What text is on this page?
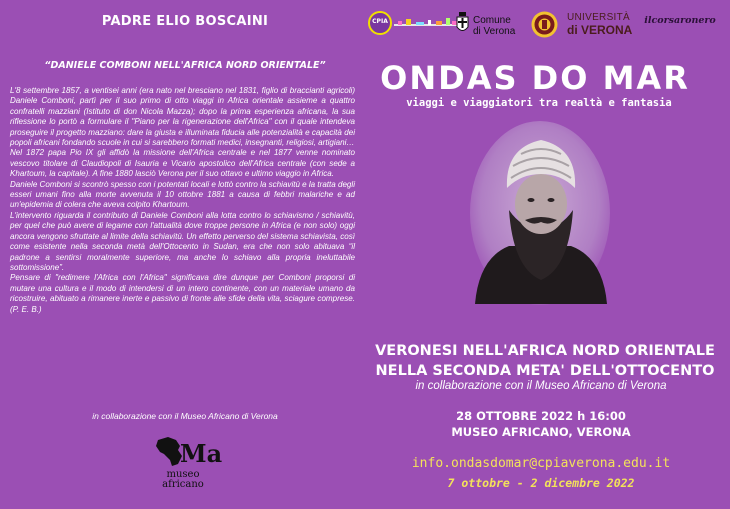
PADRE ELIO BOSCAINI
“DANIELE COMBONI NELL'AFRICA NORD ORIENTALE”

L'8 settembre 1857, a ventisei anni (era nato nel bresciano nel 1831, figlio di braccianti agricoli) Daniele Comboni, partì per il suo primo di otto viaggi in Africa orientale assieme a quattro confratelli mazziani (Istituto di don Nicola Mazza); dopo la prima esperienza africana, la sua riflessione lo portò a formulare il "Piano per la rigenerazione dell'Africa" con il quale intendeva proseguire il progetto mazziano: dare la giusta e illuminata fiducia alle potenzialità e capacità dei popoli africani fondando scuole in cui si sarebbero formati medici, insegnanti, religiosi, artigiani…

Nel 1872 papa Pio IX gli affidò la missione dell'Africa centrale e nel 1877 venne nominato vescovo titolare di Claudiopoli di Isauria e Vicario apostolico dell'Africa centrale (con sede a Khartoum, la capitale). A fine 1880 lasciò Verona per il suo ottavo e ultimo viaggio in Africa.

Daniele Comboni si scontrò spesso con i potentati locali e lottò contro la schiavitù e la tratta degli esseri umani fino alla morte avvenuta il 10 ottobre 1881 a causa di febbri malariche e ad un'epidemia di colera che aveva colpito Khartoum.

L'intervento riguarda il contributo di Daniele Comboni alla lotta contro lo schiavismo / schiavitù, per quel che può avere di legame con l'attualità dove troppe persone in Africa (e non solo) oggi ancora vengono sfruttate al limite della schiavitù. Un effetto perverso del sistema schiavista, così come esistente nella seconda metà dell'Ottocento in Sudan, era che non solo abituava “il padrone a sentirsi moralmente superiore, ma anche lo schiavo alla propria ineluttabile sottomissione”.

Pensare di "redimere l'Africa con l'Africa" significava dire dunque per Comboni proporsi di mutare una cultura e il modo di intendersi di un intero continente, con un materiale umano da ricostruire, abituato a rimanere inerte e passivo di fronte alle sfide della vita, sciagure comprese. (P. E. B.)

in collaborazione con il Museo Africano di Verona
Ma
museo
africano
CPIA	Comune
di Verona
UNIVERSITÀ
di VERONA
ilcorsaronero
ONDAS DO MAR
viaggi e viaggiatori tra realtà e fantasia
VERONESI NELL'AFRICA NORD ORIENTALE
NELLA SECONDA META' DELL'OTTOCENTO
in collaborazione con il Museo Africano di Verona
28 OTTOBRE 2022 h 16:00
MUSEO AFRICANO, VERONA
info.ondasdomar@cpiaverona.edu.it
7 ottobre - 2 dicembre 2022
